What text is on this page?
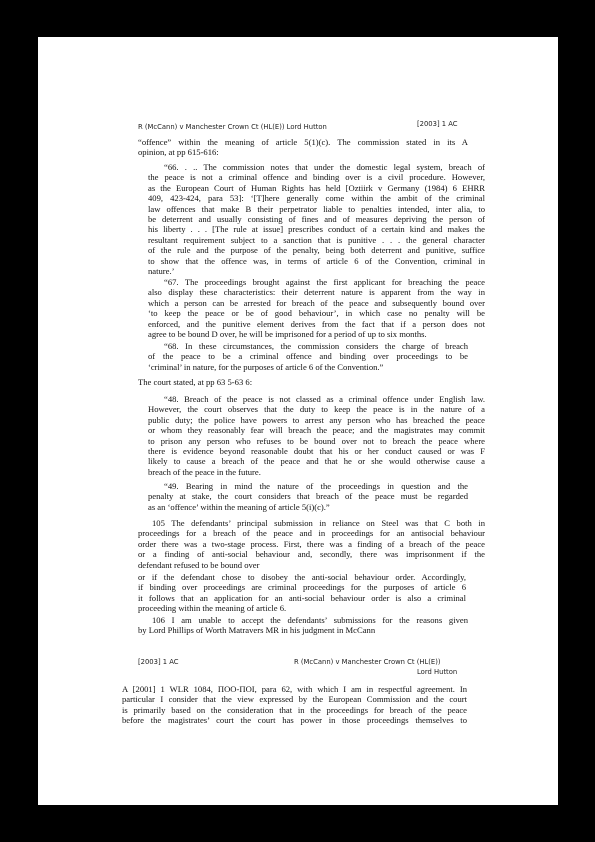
R (McCann) v Manchester Crown Ct (HL(E)) Lord Hutton	[2003] 1 AC

“offence” within the meaning of article 5(1)(c). The commission stated in its A

opinion, at pp 615-616:

“66. . .. The commission notes that under the domestic legal system, breach of

the peace is not a criminal offence and binding over is a civil procedure. However,

as the European Court of Human Rights has held [Oztiirk v Germany (1984) 6 EHRR

409, 423-424, para 53]: ‘[T]here generally come within the ambit of the criminal

law offences that make B their perpetrator liable to penalties intended, inter alia, to

be deterrent and usually consisting of fines and of measures depriving the person of

his liberty . . . [The rule at issue] prescribes conduct of a certain kind and makes the

resultant requirement subject to a sanction that is punitive . . . the general character

of the rule and the purpose of the penalty, being both deterrent and punitive, suffice

to show that the offence was, in terms of article 6 of the Convention, criminal in

nature.’

“67. The proceedings brought against the first applicant for breaching the peace

also display these characteristics: their deterrent nature is apparent from the way in

which a person can be arrested for breach of the peace and subsequently bound over

‘to keep the peace or be of good behaviour’, in which case no penalty will be

enforced, and the punitive element derives from the fact that if a person does not

agree to be bound D over, he will be imprisoned for a period of up to six months.

“68. In these circumstances, the commission considers the charge of breach

of the peace to be a criminal offence and binding over proceedings to be

‘criminal’ in nature, for the purposes of article 6 of the Convention.”

The court stated, at pp 63 5-63 6:

“48. Breach of the peace is not classed as a criminal offence under English law.

However, the court observes that the duty to keep the peace is in the nature of a

public duty; the police have powers to arrest any person who has breached the peace

or whom they reasonably fear will breach the peace; and the magistrates may commit

to prison any person who refuses to be bound over not to breach the peace where

there is evidence beyond reasonable doubt that his or her conduct caused or was F

likely to cause a breach of the peace and that he or she would otherwise cause a

breach of the peace in the future.

“49. Bearing in mind the nature of the proceedings in question and the

penalty at stake, the court considers that breach of the peace must be regarded

as an ‘offence’ within the meaning of article 5(i)(c).”

105 The defendants’ principal submission in reliance on Steel was that C both in

proceedings for a breach of the peace and in proceedings for an antisocial behaviour

order there was a two-stage process. First, there was a finding of a breach of the peace

or a finding of anti-social behaviour and, secondly, there was imprisonment if the

defendant refused to be bound over

or if the defendant chose to disobey the anti-social behaviour order. Accordingly,

if binding over proceedings are criminal proceedings for the purposes of article 6

it follows that an application for an anti-social behaviour order is also a criminal

proceeding within the meaning of article 6.

106 I am unable to accept the defendants’ submissions for the reasons given

by Lord Phillips of Worth Matravers MR in his judgment in McCann

[2003] 1 AC	R (McCann) v Manchester Crown Ct (HL(E))
Lord Hutton

A [2001] 1 WLR 1084, ПОО-ПОІ, para 62, with which I am in respectful agreement. In

particular I consider that the view expressed by the European Commission and the court

is primarily based on the consideration that in the proceedings for breach of the peace

before the magistrates’ court the court has power in those proceedings themselves to
